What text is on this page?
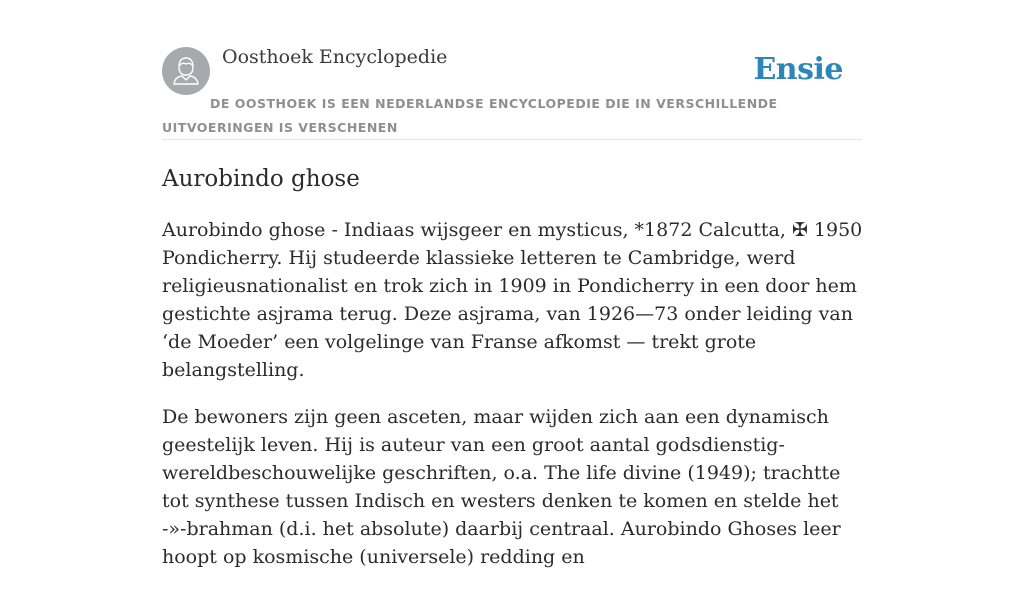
Oosthoek Encyclopedie	Ensie
DE OOSTHOEK IS EEN NEDERLANDSE ENCYCLOPEDIE DIE IN VERSCHILLENDE UITVOERINGEN IS VERSCHENEN
Aurobindo ghose

Aurobindo ghose - Indiaas wijsgeer en mysticus, *1872 Calcutta, ✠ 1950 Pondicherry. Hij studeerde klassieke letteren te Cambridge, werd religieusnationalist en trok zich in 1909 in Pondicherry in een door hem gestichte asjrama terug. Deze asjrama, van 1926—73 onder leiding van ‘de Moeder’ een volgelinge van Franse afkomst — trekt grote belangstelling.

De bewoners zijn geen asceten, maar wijden zich aan een dynamisch geestelijk leven. Hij is auteur van een groot aantal godsdienstig-wereldbeschouwelijke geschriften, o.a. The life divine (1949); trachtte tot synthese tussen Indisch en westers denken te komen en stelde het -»-brahman (d.i. het absolute) daarbij centraal. Aurobindo Ghoses leer hoopt op kosmische (universele) redding en
